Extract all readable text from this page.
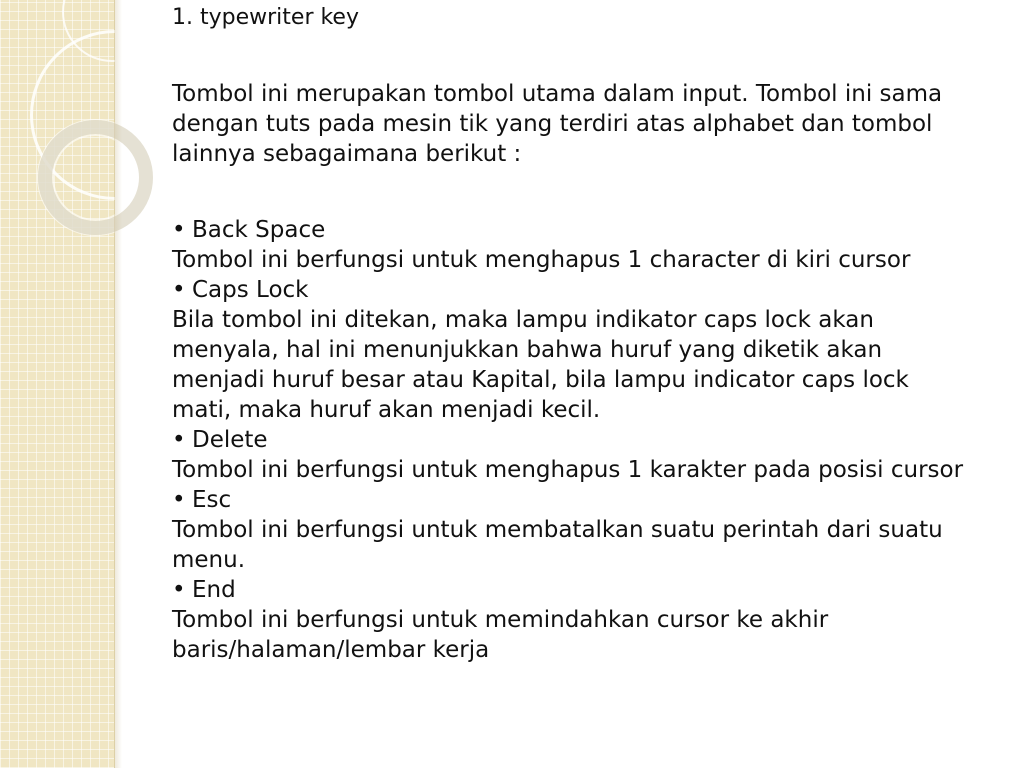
1. typewriter key

Tombol ini merupakan tombol utama dalam input. Tombol ini sama dengan tuts pada mesin tik yang terdiri atas alphabet dan tombol lainnya sebagaimana berikut :

• Back Space

Tombol ini berfungsi untuk menghapus 1 character di kiri cursor

• Caps Lock

Bila tombol ini ditekan, maka lampu indikator caps lock akan menyala, hal ini menunjukkan bahwa huruf yang diketik akan menjadi huruf besar atau Kapital, bila lampu indicator caps lock mati, maka huruf akan menjadi kecil.

• Delete

Tombol ini berfungsi untuk menghapus 1 karakter pada posisi cursor

• Esc

Tombol ini berfungsi untuk membatalkan suatu perintah dari suatu menu.

• End

Tombol ini berfungsi untuk memindahkan cursor ke akhir baris/halaman/lembar kerja
